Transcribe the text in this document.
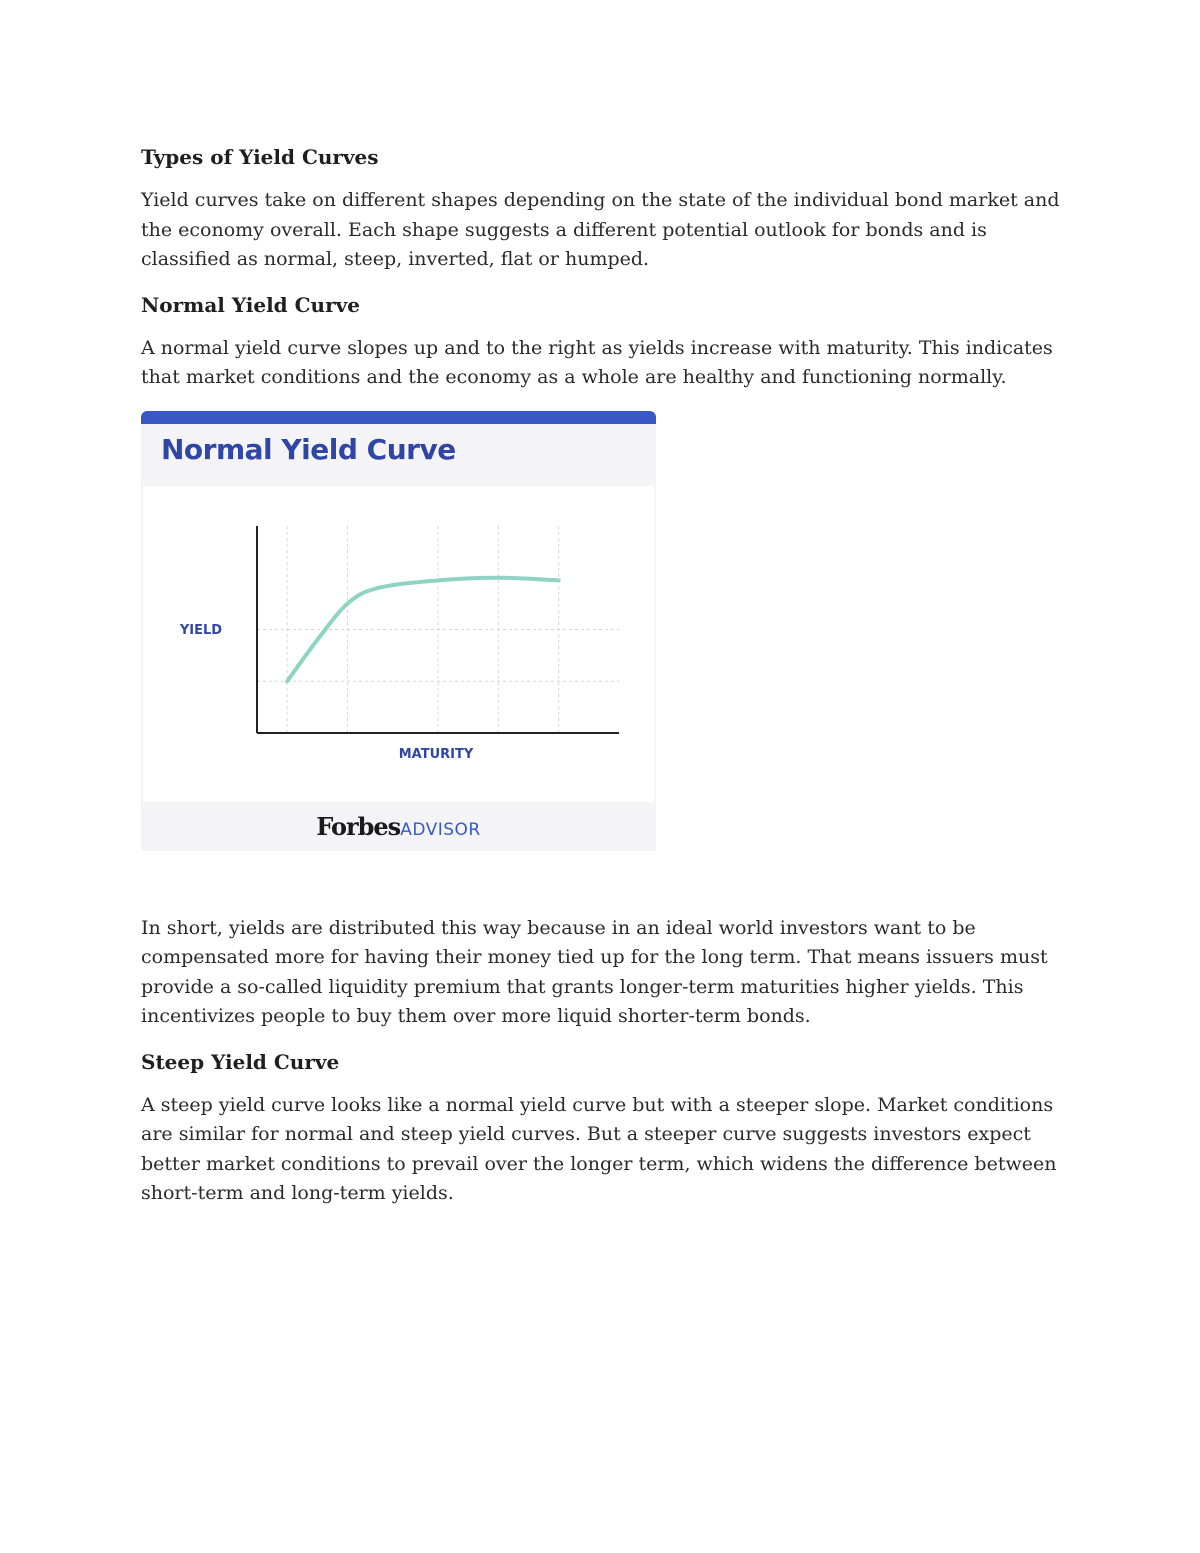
Types of Yield Curves

Yield curves take on different shapes depending on the state of the individual bond market and the economy overall. Each shape suggests a different potential outlook for bonds and is classified as normal, steep, inverted, flat or humped.

Normal Yield Curve

A normal yield curve slopes up and to the right as yields increase with maturity. This indicates that market conditions and the economy as a whole are healthy and functioning normally.

Normal Yield Curve
YIELD
MATURITY
ForbesADVISOR

In short, yields are distributed this way because in an ideal world investors want to be compensated more for having their money tied up for the long term. That means issuers must provide a so-called liquidity premium that grants longer-term maturities higher yields. This incentivizes people to buy them over more liquid shorter-term bonds.

Steep Yield Curve

A steep yield curve looks like a normal yield curve but with a steeper slope. Market conditions are similar for normal and steep yield curves. But a steeper curve suggests investors expect better market conditions to prevail over the longer term, which widens the difference between short-term and long-term yields.
